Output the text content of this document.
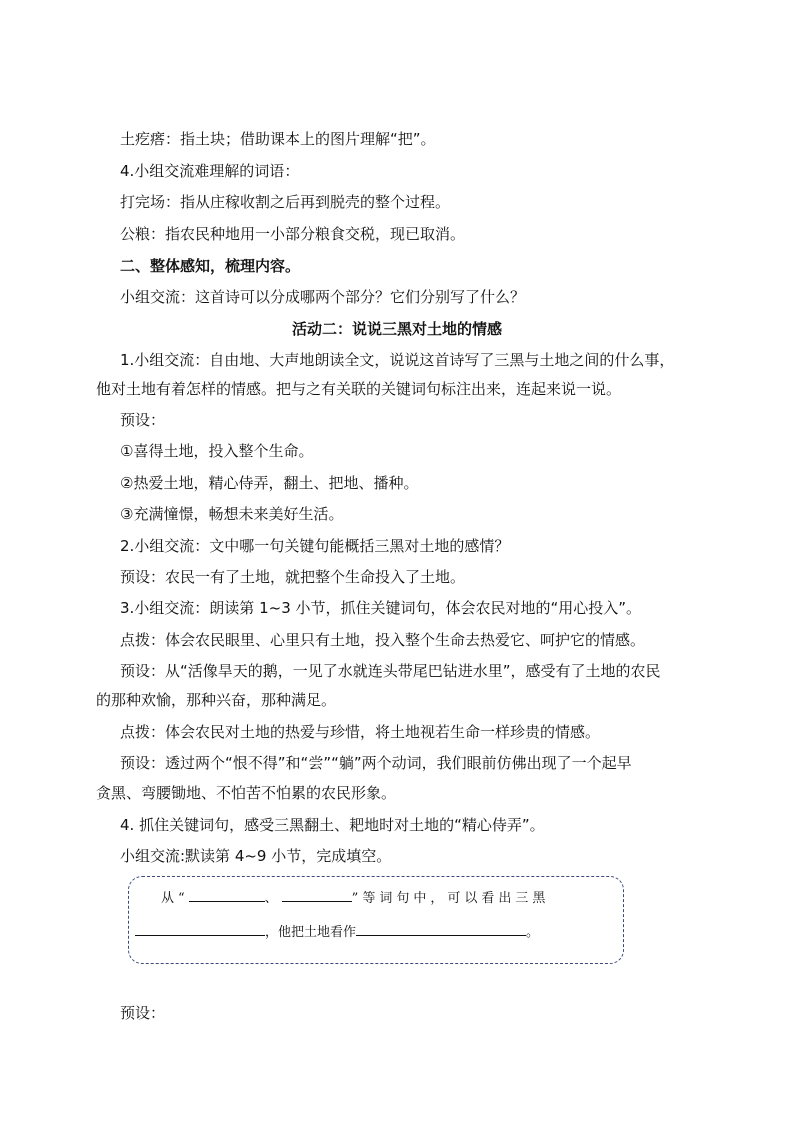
土疙瘩：指土块；借助课本上的图片理解“把”。
4.小组交流难理解的词语：
打完场：指从庄稼收割之后再到脱壳的整个过程。
公粮：指农民种地用一小部分粮食交税，现已取消。
二、整体感知，梳理内容。
小组交流：这首诗可以分成哪两个部分？它们分别写了什么？
活动二：说说三黑对土地的情感
1.小组交流：自由地、大声地朗读全文，说说这首诗写了三黑与土地之间的什么事，
他对土地有着怎样的情感。把与之有关联的关键词句标注出来，连起来说一说。
预设：
①喜得土地，投入整个生命。
②热爱土地，精心侍弄，翻土、把地、播种。
③充满憧憬，畅想未来美好生活。
2.小组交流：文中哪一句关键句能概括三黑对土地的感情？
预设：农民一有了土地，就把整个生命投入了土地。
3.小组交流：朗读第 1~3 小节，抓住关键词句，体会农民对地的“用心投入”。
点拨：体会农民眼里、心里只有土地，投入整个生命去热爱它、呵护它的情感。
预设：从“活像旱天的鹅，一见了水就连头带尾巴钻进水里”，感受有了土地的农民
的那种欢愉，那种兴奋，那种满足。
点拨：体会农民对土地的热爱与珍惜，将土地视若生命一样珍贵的情感。
预设：透过两个“恨不得”和“尝”“躺”两个动词，我们眼前仿佛出现了一个起早
贪黑、弯腰锄地、不怕苦不怕累的农民形象。
4. 抓住关键词句，感受三黑翻土、耙地时对土地的“精心侍弄”。
小组交流:默读第 4~9 小节，完成填空。
从“	、	”等词句中，可以看出三黑
，他把土地看作	。
预设：
